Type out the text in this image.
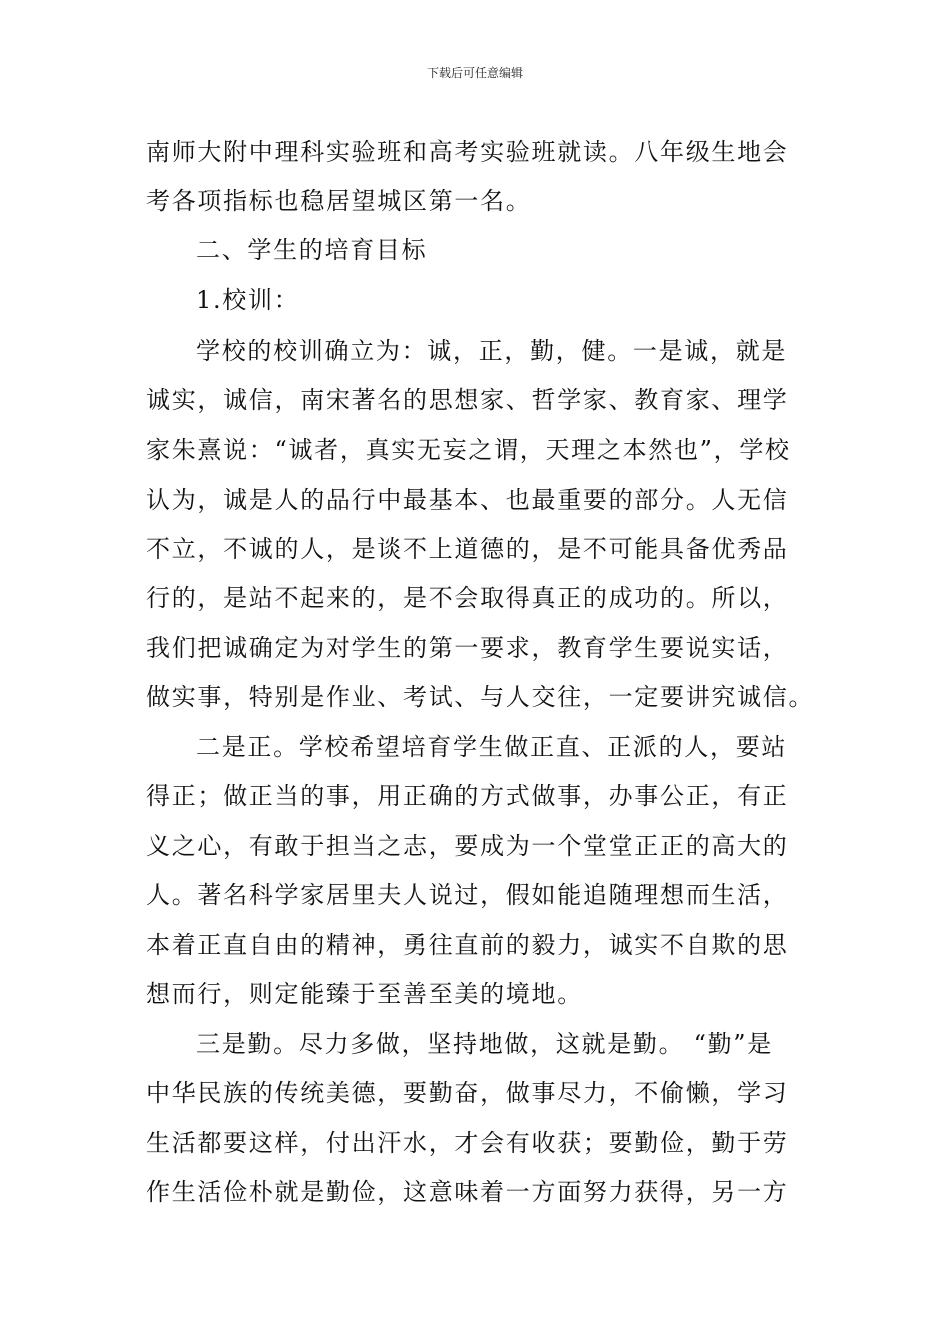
下载后可任意编辑
南师大附中理科实验班和高考实验班就读。八年级生地会
考各项指标也稳居望城区第一名。
二、学生的培育目标
1.校训：
学校的校训确立为：诚，正，勤，健。一是诚，就是
诚实，诚信，南宋著名的思想家、哲学家、教育家、理学
家朱熹说：“诚者，真实无妄之谓，天理之本然也”，学校
认为，诚是人的品行中最基本、也最重要的部分。人无信
不立，不诚的人，是谈不上道德的，是不可能具备优秀品
行的，是站不起来的，是不会取得真正的成功的。所以，
我们把诚确定为对学生的第一要求，教育学生要说实话，
做实事，特别是作业、考试、与人交往，一定要讲究诚信。
二是正。学校希望培育学生做正直、正派的人，要站
得正；做正当的事，用正确的方式做事，办事公正，有正
义之心，有敢于担当之志，要成为一个堂堂正正的高大的
人。著名科学家居里夫人说过，假如能追随理想而生活，
本着正直自由的精神，勇往直前的毅力，诚实不自欺的思
想而行，则定能臻于至善至美的境地。
三是勤。尽力多做，坚持地做，这就是勤。 “勤”是
中华民族的传统美德，要勤奋，做事尽力，不偷懒，学习
生活都要这样，付出汗水，才会有收获；要勤俭，勤于劳
作生活俭朴就是勤俭，这意味着一方面努力获得，另一方
